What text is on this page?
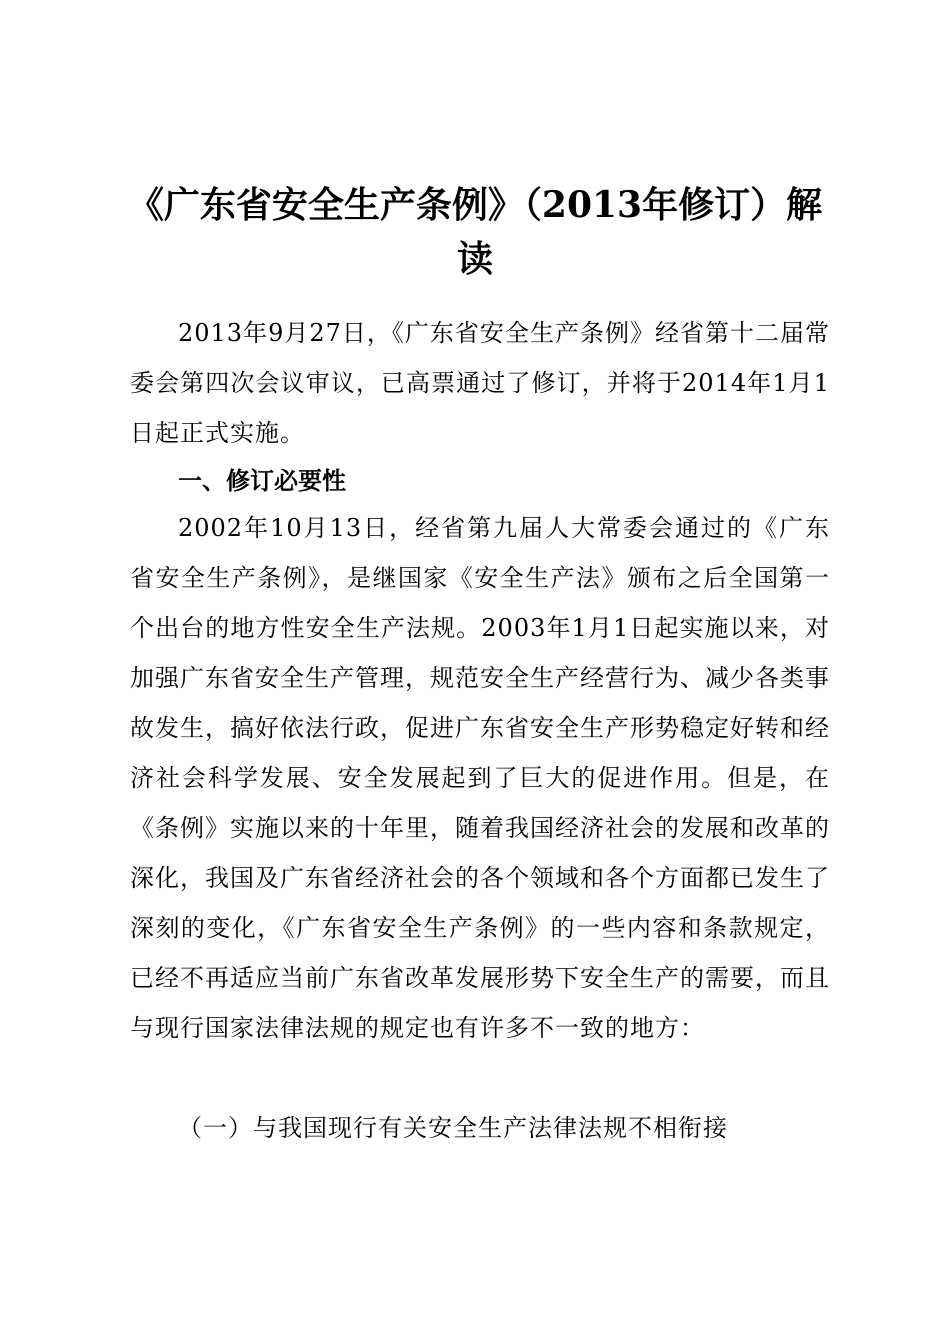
《广东省安全生产条例》（2013年修订）解
读

2013年9月27日，《广东省安全生产条例》经省第十二届常委会第四次会议审议，已高票通过了修订，并将于2014年1月1日起正式实施。

一、修订必要性

2002年10月13日，经省第九届人大常委会通过的《广东省安全生产条例》，是继国家《安全生产法》颁布之后全国第一个出台的地方性安全生产法规。2003年1月1日起实施以来，对加强广东省安全生产管理，规范安全生产经营行为、减少各类事故发生，搞好依法行政，促进广东省安全生产形势稳定好转和经济社会科学发展、安全发展起到了巨大的促进作用。但是，在《条例》实施以来的十年里，随着我国经济社会的发展和改革的深化，我国及广东省经济社会的各个领域和各个方面都已发生了深刻的变化，《广东省安全生产条例》的一些内容和条款规定，已经不再适应当前广东省改革发展形势下安全生产的需要，而且与现行国家法律法规的规定也有许多不一致的地方：

（一）与我国现行有关安全生产法律法规不相衔接
